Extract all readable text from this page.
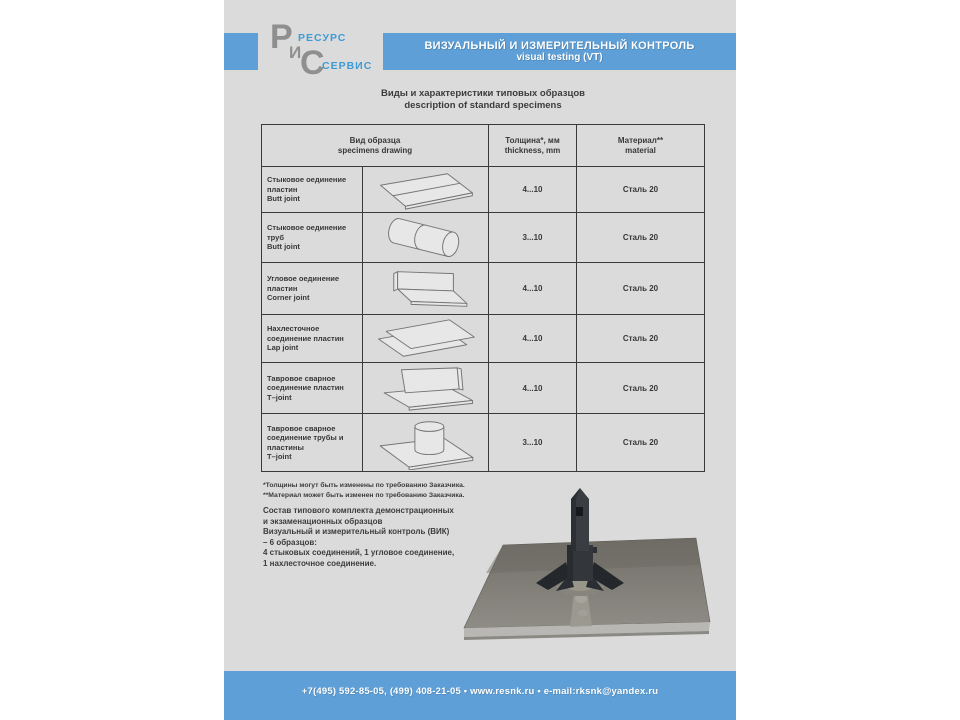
Р РЕСУРС
И
С
СЕРВИС
ВИЗУАЛЬНЫЙ И ИЗМЕРИТЕЛЬНЫЙ КОНТРОЛЬ
visual testing (VT)
Виды и характеристики типовых образцов
description of standard specimens
Вид образца
specimens drawing
Толщина*, мм
thickness, mm
Материал**
material
Стыковое оединение пластин
Butt joint
4...10	Сталь 20
Стыковое оединение труб
Butt joint
3...10	Сталь 20
Угловое оединение пластин
Corner joint
4...10	Сталь 20
Нахлесточное соединение пластин
Lap joint
4...10	Сталь 20
Тавровое сварное соединение пластин
T–joint
4...10	Сталь 20
Тавровое сварное соединение трубы и пластины
T–joint
3...10	Сталь 20
*Толщины могут быть изменены по требованию Заказчика.
**Материал может быть изменен по требованию Заказчика.
Состав типового комплекта демонстрационных
и экзаменационных образцов
Визуальный и измерительный контроль (ВИК)
– 6 образцов:
4 стыковых соединений, 1 угловое соединение,
1 нахлесточное соединение.
+7(495) 592-85-05, (499) 408-21-05 • www.resnk.ru • e-mail:rksnk@yandex.ru
